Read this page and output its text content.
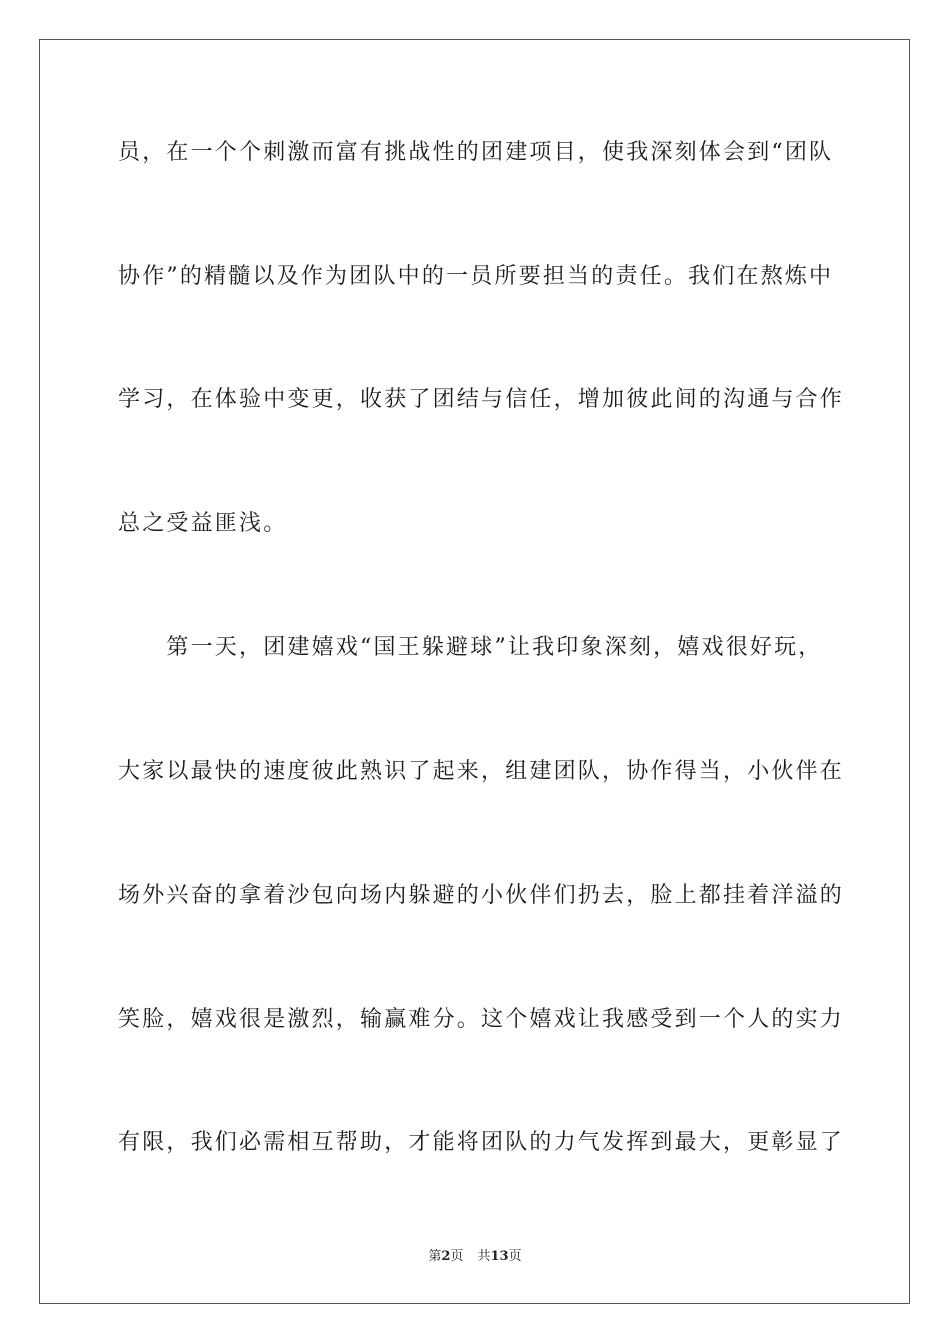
员，在一个个刺激而富有挑战性的团建项目，使我深刻体会到“团队
协作”的精髓以及作为团队中的一员所要担当的责任。我们在熬炼中
学习，在体验中变更，收获了团结与信任，增加彼此间的沟通与合作
总之受益匪浅。
　　第一天，团建嬉戏“国王躲避球”让我印象深刻，嬉戏很好玩，
大家以最快的速度彼此熟识了起来，组建团队，协作得当，小伙伴在
场外兴奋的拿着沙包向场内躲避的小伙伴们扔去，脸上都挂着洋溢的
笑脸，嬉戏很是激烈，输赢难分。这个嬉戏让我感受到一个人的实力
有限，我们必需相互帮助，才能将团队的力气发挥到最大，更彰显了
第2页 共13页
